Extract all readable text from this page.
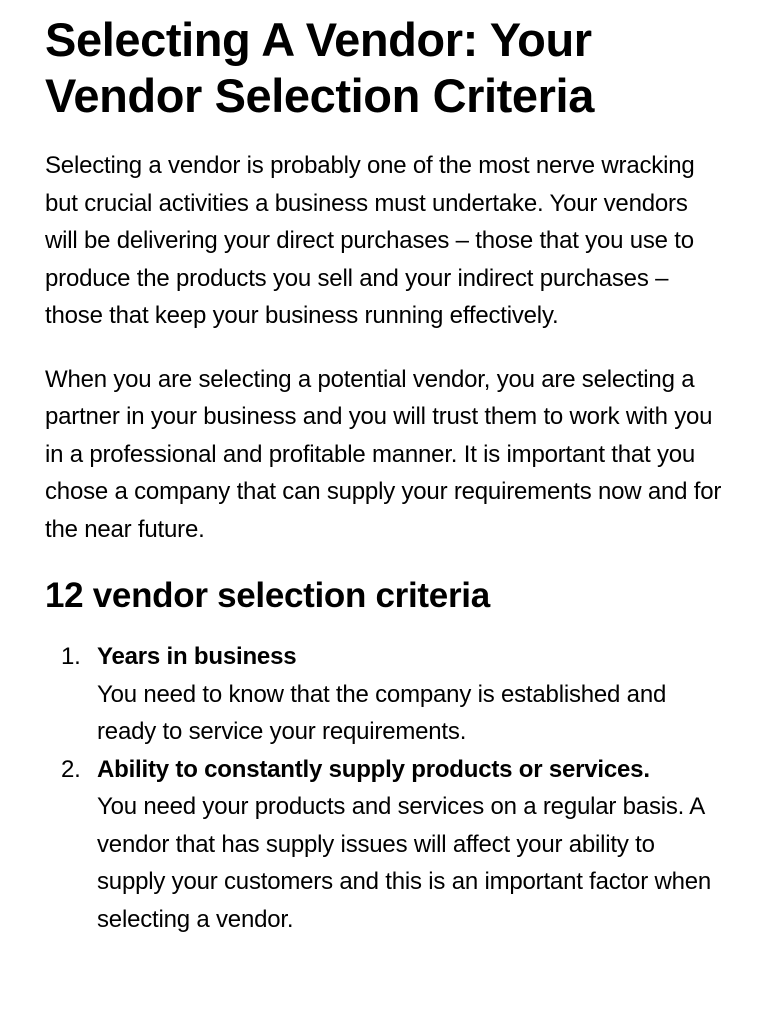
Selecting A Vendor: Your Vendor Selection Criteria

Selecting a vendor is probably one of the most nerve wracking but crucial activities a business must undertake. Your vendors will be delivering your direct purchases – those that you use to produce the products you sell and your indirect purchases – those that keep your business running effectively.

When you are selecting a potential vendor, you are selecting a partner in your business and you will trust them to work with you in a professional and profitable manner. It is important that you chose a company that can supply your requirements now and for the near future.

12 vendor selection criteria
1. Years in business
You need to know that the company is established and ready to service your requirements.
2. Ability to constantly supply products or services.
You need your products and services on a regular basis. A vendor that has supply issues will affect your ability to supply your customers and this is an important factor when selecting a vendor.
